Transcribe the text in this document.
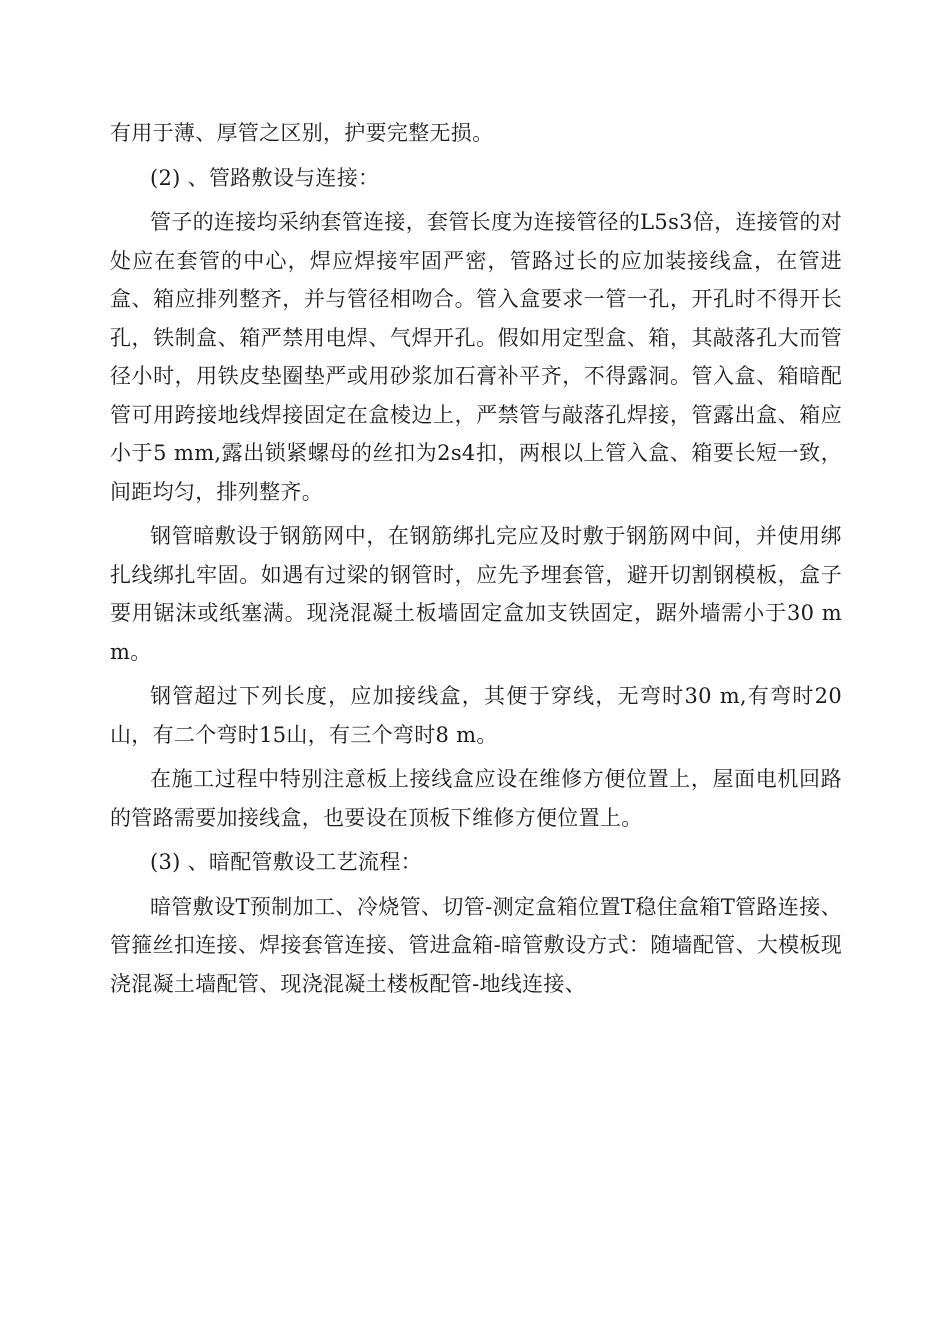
有用于薄、厚管之区别，护要完整无损。

(2) 、管路敷设与连接：

管子的连接均采纳套管连接，套管长度为连接管径的L5s3倍，连接管的对处应在套管的中心，焊应焊接牢固严密，管路过长的应加装接线盒，在管进盒、箱应排列整齐，并与管径相吻合。管入盒要求一管一孔，开孔时不得开长孔，铁制盒、箱严禁用电焊、气焊开孔。假如用定型盒、箱，其敲落孔大而管径小时，用铁皮垫圈垫严或用砂浆加石膏补平齐，不得露洞。管入盒、箱暗配管可用跨接地线焊接固定在盒棱边上，严禁管与敲落孔焊接，管露出盒、箱应小于5 mm,露出锁紧螺母的丝扣为2s4扣，两根以上管入盒、箱要长短一致，间距均匀，排列整齐。

钢管暗敷设于钢筋网中，在钢筋绑扎完应及时敷于钢筋网中间，并使用绑扎线绑扎牢固。如遇有过梁的钢管时，应先予埋套管，避开切割钢模板，盒子要用锯沫或纸塞满。现浇混凝土板墙固定盒加支铁固定，踞外墙需小于30 mm。

钢管超过下列长度，应加接线盒，其便于穿线，无弯时30 m,有弯时20山，有二个弯时15山，有三个弯时8 m。

在施工过程中特别注意板上接线盒应设在维修方便位置上，屋面电机回路的管路需要加接线盒，也要设在顶板下维修方便位置上。

(3) 、暗配管敷设工艺流程：

暗管敷设T预制加工、冷烧管、切管-测定盒箱位置T稳住盒箱T管路连接、管箍丝扣连接、焊接套管连接、管进盒箱-暗管敷设方式：随墙配管、大模板现浇混凝土墙配管、现浇混凝土楼板配管-地线连接、
